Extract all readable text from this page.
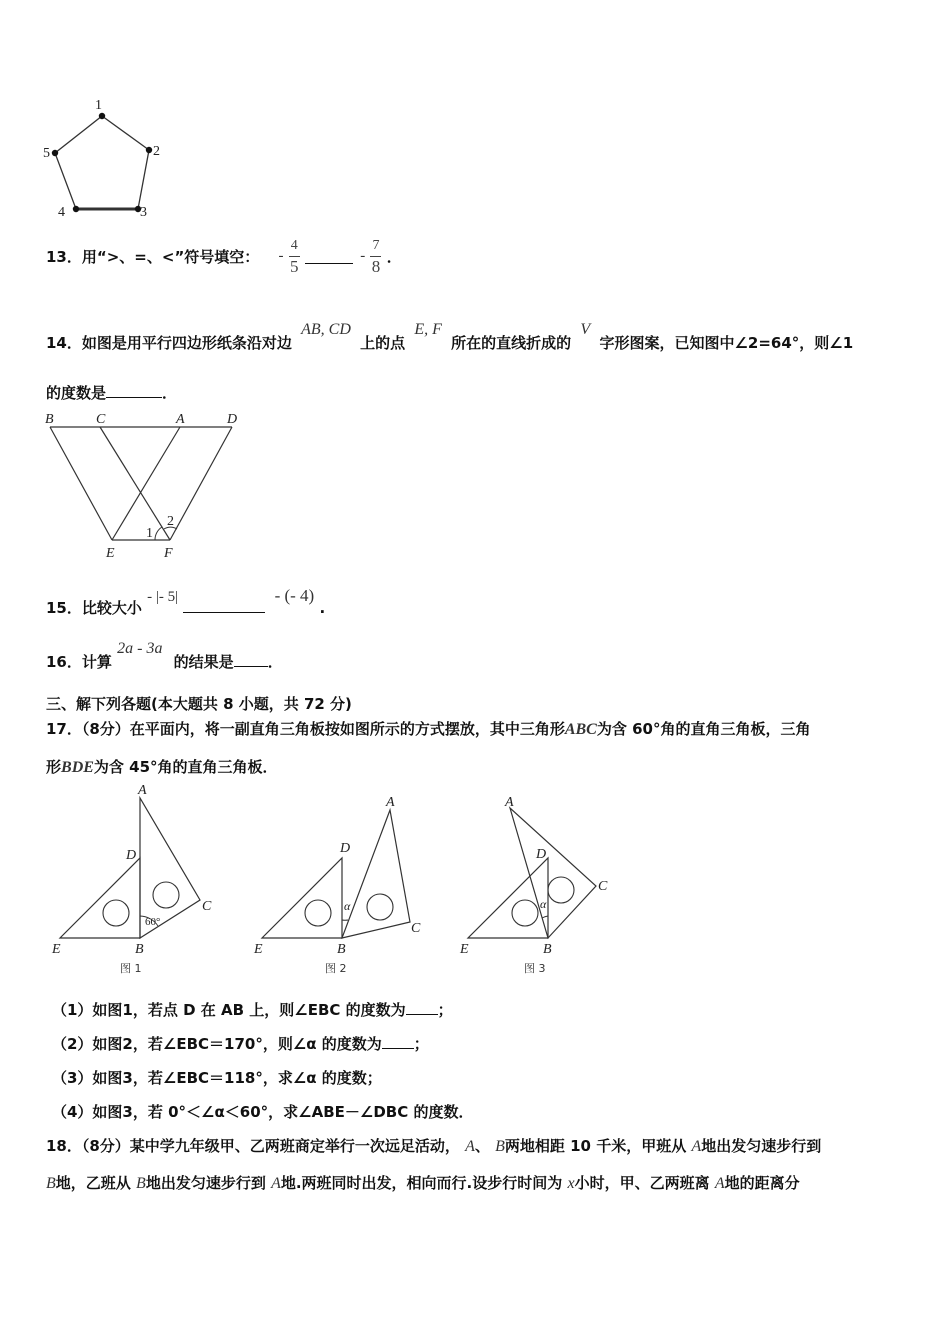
1
2
3
4
5
13．用“>、=、<”符号填空： - $\frac{4}{5}$	- $\frac{7}{8}$ ．
14．如图是用平行四边形纸条沿对边 AB, CD 上的点 E, F 所在的直线折成的 V 字形图案，已知图中∠2=64°，则∠1
的度数是	．
B	C	A	D
E	F
1
2
15．比较大小 - |- 5|	- (- 4) .
16．计算 2a - 3a 的结果是 ．
三、解下列各题(本大题共 8 小题，共 72 分)
17．（8分）在平面内，将一副直角三角板按如图所示的方式摆放，其中三角形ABC为含 60°角的直角三角板，三角
形BDE为含 45°角的直角三角板．
A
D
C
E	B
60°
图 1
A
D
α
C
E	B
图 2
A
D
C
α
E	B
图 3
（1）如图1，若点 D 在 AB 上，则∠EBC 的度数为 ；
（2）如图2，若∠EBC＝170°，则∠α 的度数为 ；
（3）如图3，若∠EBC＝118°，求∠α 的度数；
（4）如图3，若 0°＜∠α＜60°，求∠ABE－∠DBC 的度数．
18．（8分）某中学九年级甲、乙两班商定举行一次远足活动， A、 B两地相距 10 千米，甲班从 A地出发匀速步行到
B地，乙班从 B地出发匀速步行到 A地.两班同时出发，相向而行.设步行时间为 x小时，甲、乙两班离 A地的距离分
